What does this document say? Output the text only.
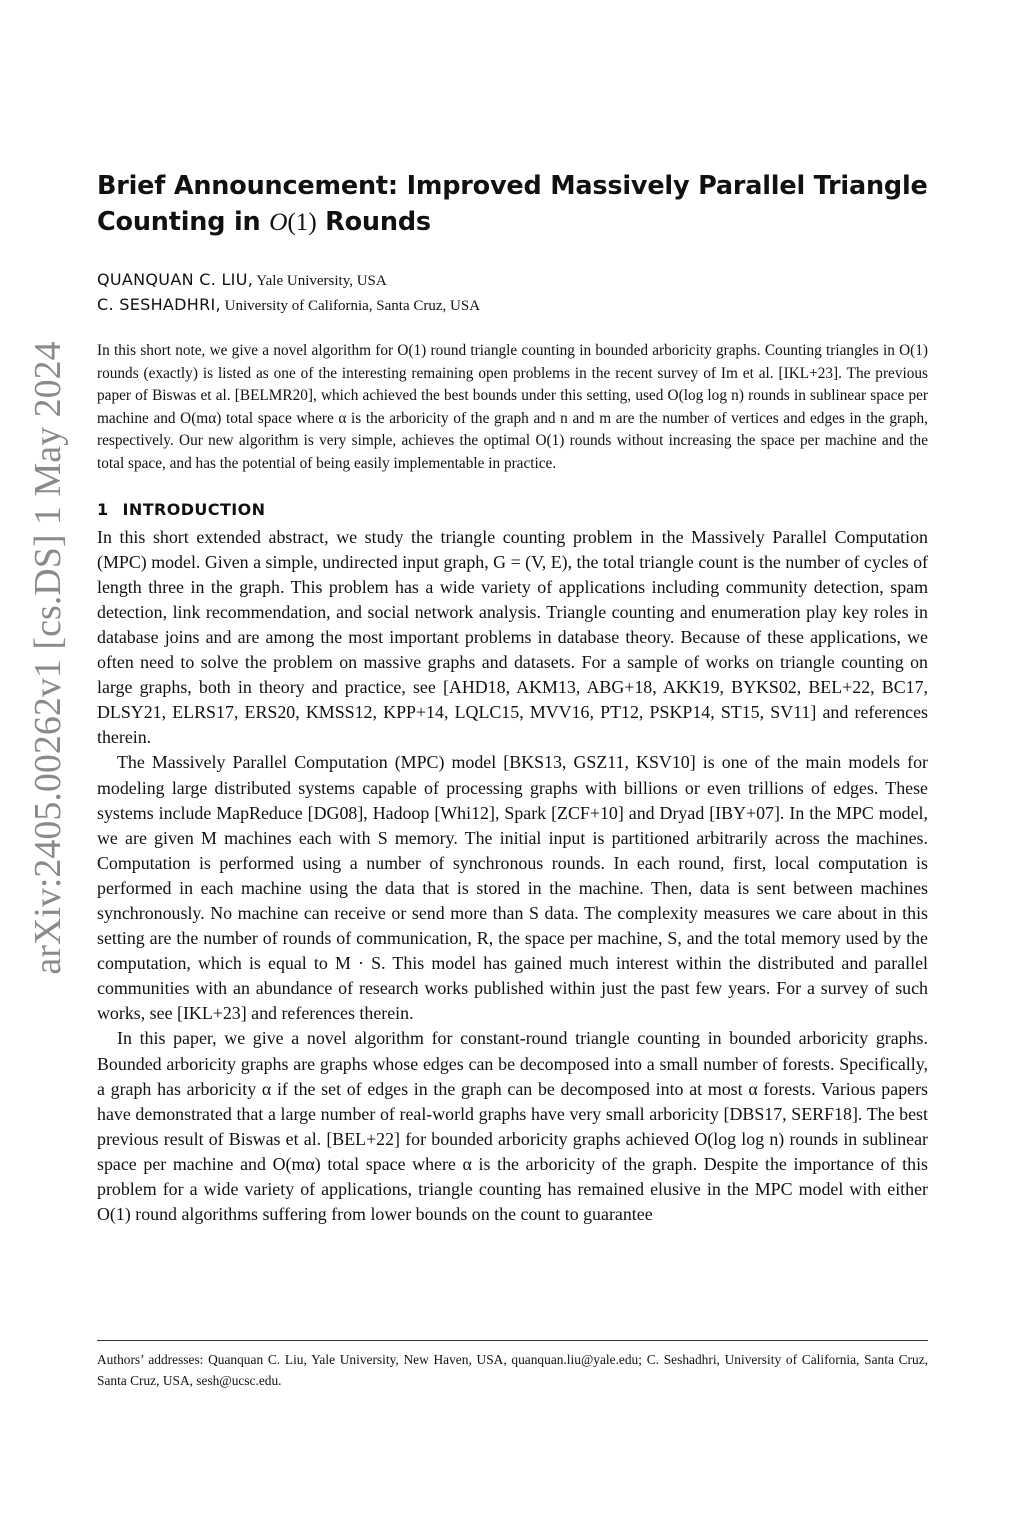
arXiv:2405.00262v1 [cs.DS] 1 May 2024
Brief Announcement: Improved Massively Parallel Triangle
Counting in O(1) Rounds
QUANQUAN C. LIU, Yale University, USA
C. SESHADHRI, University of California, Santa Cruz, USA

In this short note, we give a novel algorithm for O(1) round triangle counting in bounded arboricity graphs. Counting triangles in O(1) rounds (exactly) is listed as one of the interesting remaining open problems in the recent survey of Im et al. [IKL+23]. The previous paper of Biswas et al. [BELMR20], which achieved the best bounds under this setting, used O(log log n) rounds in sublinear space per machine and O(mα) total space where α is the arboricity of the graph and n and m are the number of vertices and edges in the graph, respectively. Our new algorithm is very simple, achieves the optimal O(1) rounds without increasing the space per machine and the total space, and has the potential of being easily implementable in practice.

1 INTRODUCTION

In this short extended abstract, we study the triangle counting problem in the Massively Parallel Computation (MPC) model. Given a simple, undirected input graph, G = (V, E), the total triangle count is the number of cycles of length three in the graph. This problem has a wide variety of applications including community detection, spam detection, link recommendation, and social network analysis. Triangle counting and enumeration play key roles in database joins and are among the most important problems in database theory. Because of these applications, we often need to solve the problem on massive graphs and datasets. For a sample of works on triangle counting on large graphs, both in theory and practice, see [AHD18, AKM13, ABG+18, AKK19, BYKS02, BEL+22, BC17, DLSY21, ELRS17, ERS20, KMSS12, KPP+14, LQLC15, MVV16, PT12, PSKP14, ST15, SV11] and references therein.

The Massively Parallel Computation (MPC) model [BKS13, GSZ11, KSV10] is one of the main models for modeling large distributed systems capable of processing graphs with billions or even trillions of edges. These systems include MapReduce [DG08], Hadoop [Whi12], Spark [ZCF+10] and Dryad [IBY+07]. In the MPC model, we are given M machines each with S memory. The initial input is partitioned arbitrarily across the machines. Computation is performed using a number of synchronous rounds. In each round, first, local computation is performed in each machine using the data that is stored in the machine. Then, data is sent between machines synchronously. No machine can receive or send more than S data. The complexity measures we care about in this setting are the number of rounds of communication, R, the space per machine, S, and the total memory used by the computation, which is equal to M · S. This model has gained much interest within the distributed and parallel communities with an abundance of research works published within just the past few years. For a survey of such works, see [IKL+23] and references therein.

In this paper, we give a novel algorithm for constant-round triangle counting in bounded arboricity graphs. Bounded arboricity graphs are graphs whose edges can be decomposed into a small number of forests. Specifically, a graph has arboricity α if the set of edges in the graph can be decomposed into at most α forests. Various papers have demonstrated that a large number of real-world graphs have very small arboricity [DBS17, SERF18]. The best previous result of Biswas et al. [BEL+22] for bounded arboricity graphs achieved O(log log n) rounds in sublinear space per machine and O(mα) total space where α is the arboricity of the graph. Despite the importance of this problem for a wide variety of applications, triangle counting has remained elusive in the MPC model with either O(1) round algorithms suffering from lower bounds on the count to guarantee

Authors’ addresses: Quanquan C. Liu, Yale University, New Haven, USA, quanquan.liu@yale.edu; C. Seshadhri, University of California, Santa Cruz, Santa Cruz, USA, sesh@ucsc.edu.
